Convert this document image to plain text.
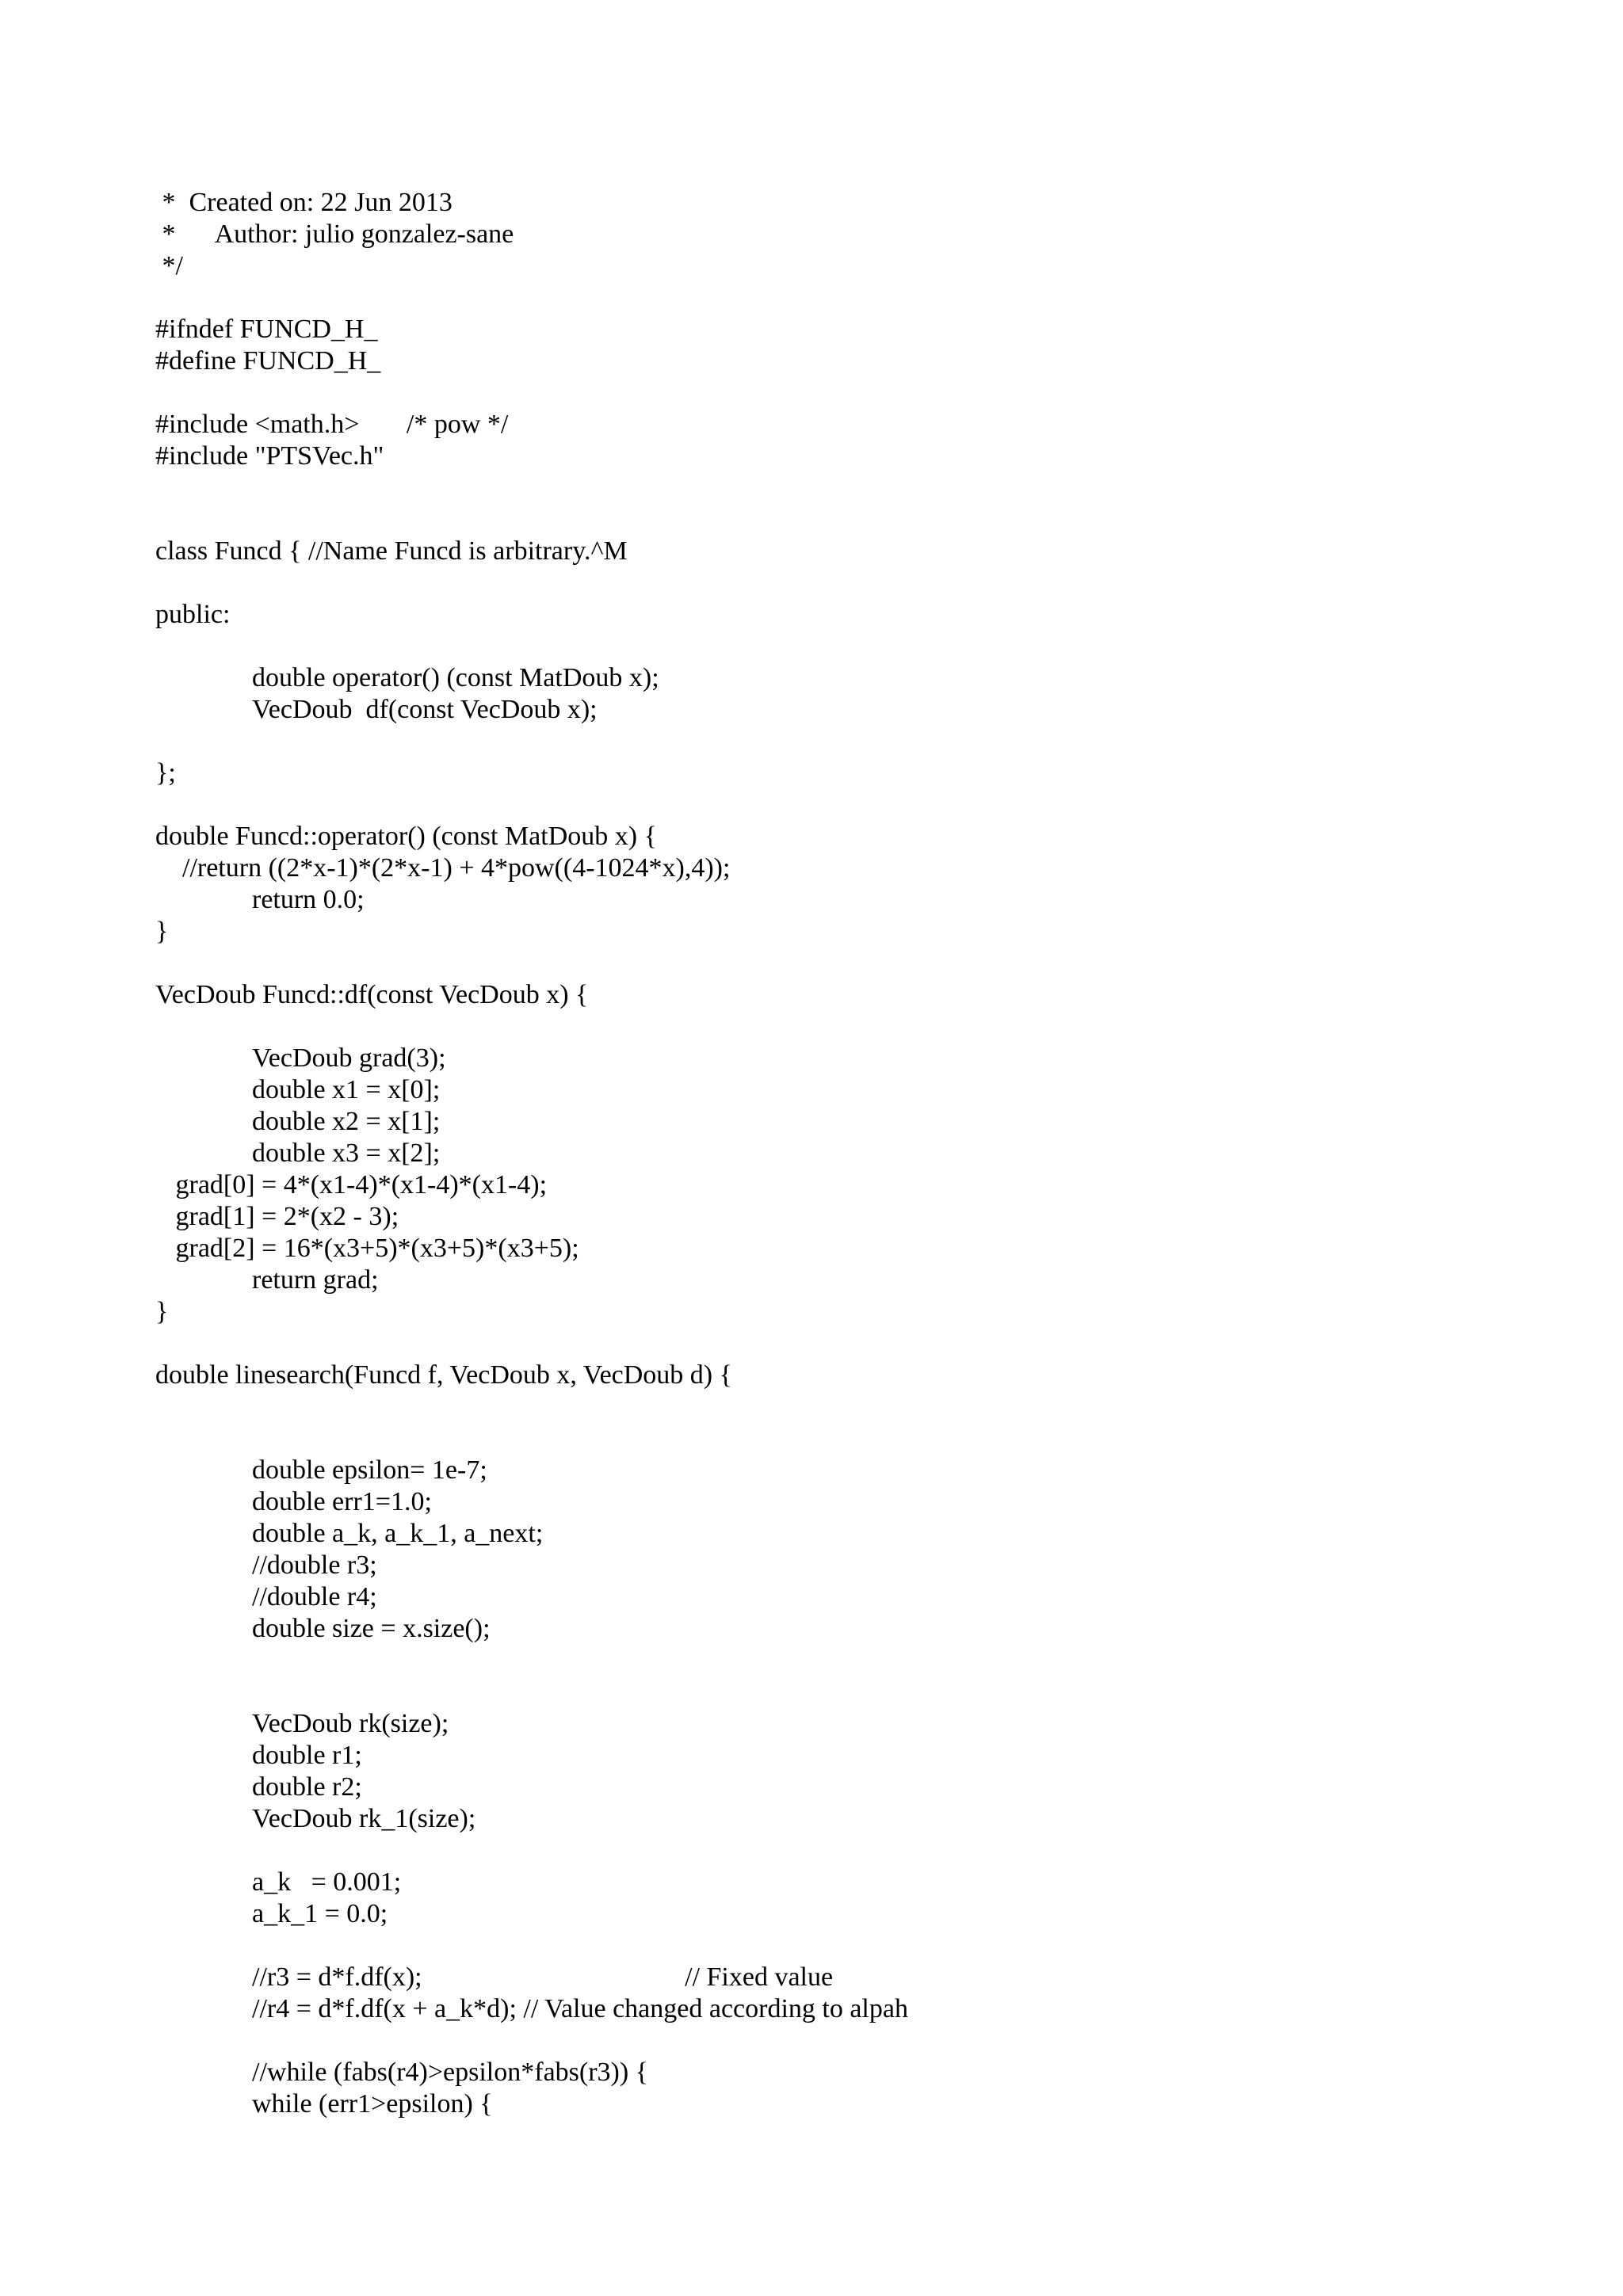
*  Created on: 22 Jun 2013
*      Author: julio gonzalez-sane
*/
#ifndef FUNCD_H_
#define FUNCD_H_
#include <math.h>       /* pow */
#include "PTSVec.h"
class Funcd { //Name Funcd is arbitrary.^M
public:
double operator() (const MatDoub x);
VecDoub  df(const VecDoub x);
};
double Funcd::operator() (const MatDoub x) {
//return ((2*x-1)*(2*x-1) + 4*pow((4-1024*x),4));
return 0.0;
}
VecDoub Funcd::df(const VecDoub x) {
VecDoub grad(3);
double x1 = x[0];
double x2 = x[1];
double x3 = x[2];
grad[0] = 4*(x1-4)*(x1-4)*(x1-4);
grad[1] = 2*(x2 - 3);
grad[2] = 16*(x3+5)*(x3+5)*(x3+5);
return grad;
}
double linesearch(Funcd f, VecDoub x, VecDoub d) {
double epsilon= 1e-7;
double err1=1.0;
double a_k, a_k_1, a_next;
//double r3;
//double r4;
double size = x.size();
VecDoub rk(size);
double r1;
double r2;
VecDoub rk_1(size);
a_k   = 0.001;
a_k_1 = 0.0;
//r3 = d*f.df(x);                                       // Fixed value
//r4 = d*f.df(x + a_k*d); // Value changed according to alpah
//while (fabs(r4)>epsilon*fabs(r3)) {
while (err1>epsilon) {
